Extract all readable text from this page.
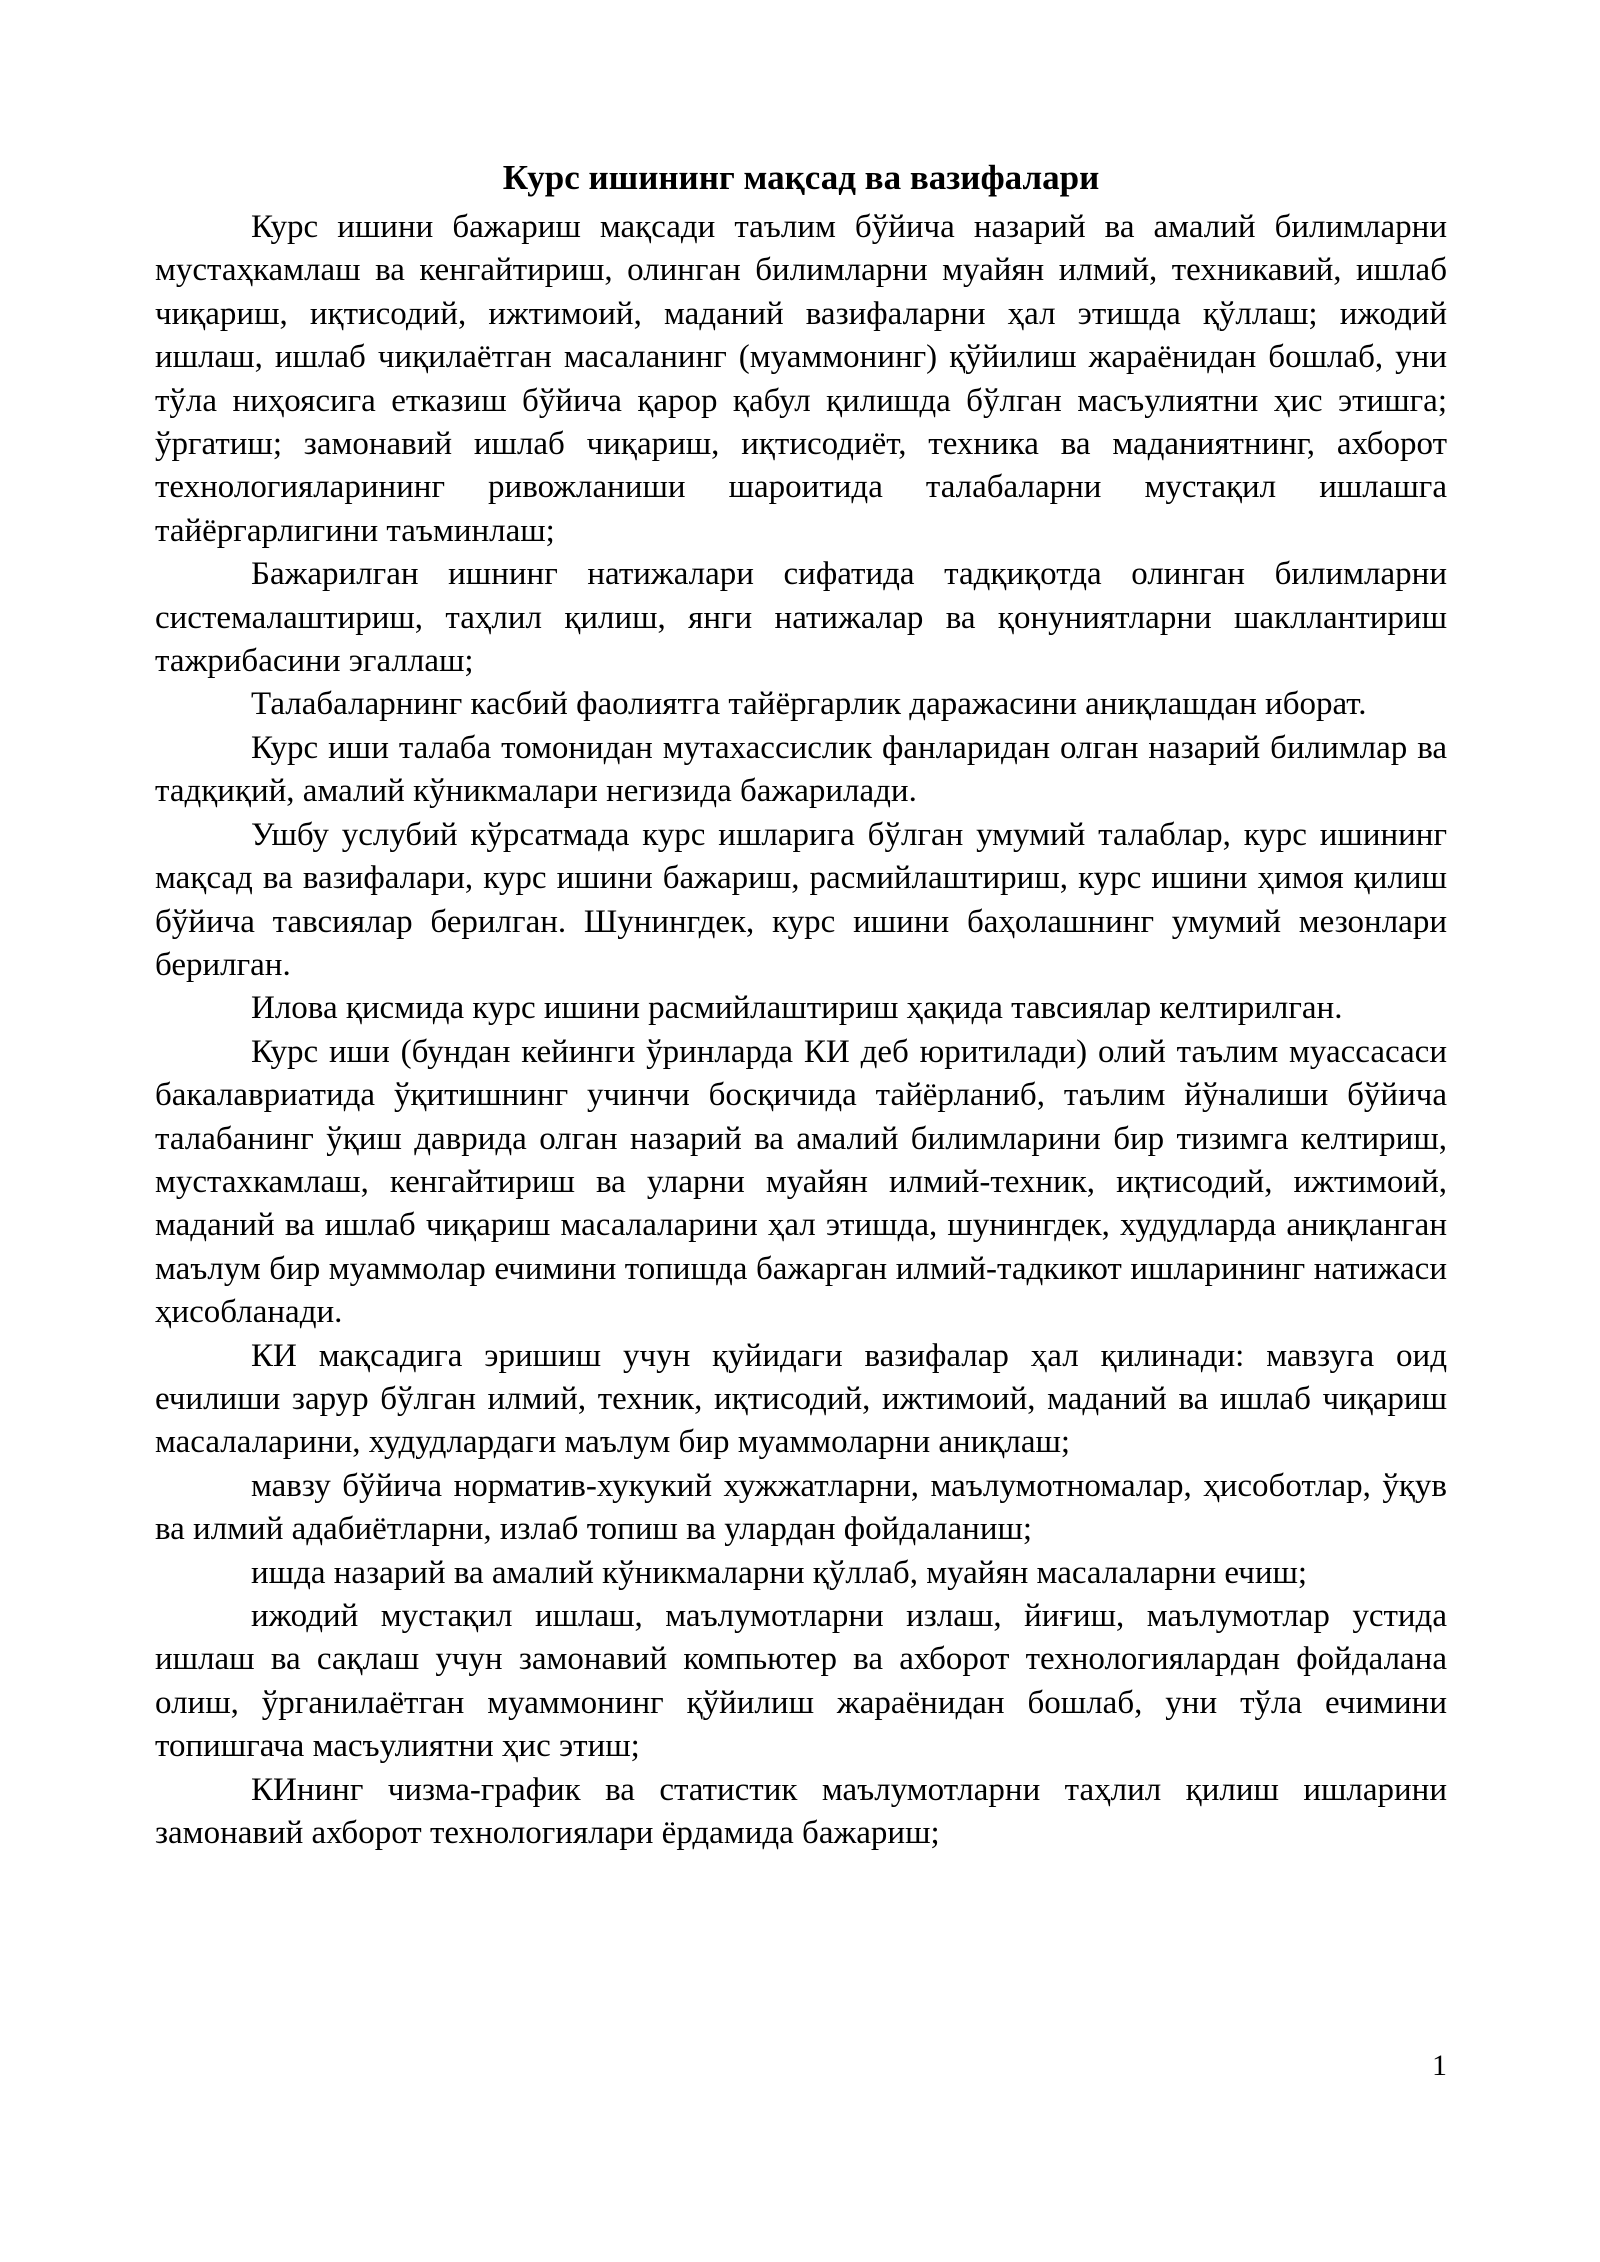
Курс ишининг мақсад ва вазифалари

Курс ишини бажариш мақсади таълим бўйича назарий ва амалий билимларни мустаҳкамлаш ва кенгайтириш, олинган билимларни муайян илмий, техникавий, ишлаб чиқариш, иқтисодий, ижтимоий, маданий вазифаларни ҳал этишда қўллаш; ижодий ишлаш, ишлаб чиқилаётган масаланинг (муаммонинг) қўйилиш жараёнидан бошлаб, уни тўла ниҳоясига етказиш бўйича қарор қабул қилишда бўлган масъулиятни ҳис этишга; ўргатиш; замонавий ишлаб чиқариш, иқтисодиёт, техника ва маданиятнинг, ахборот технологияларининг ривожланиши шароитида талабаларни мустақил ишлашга тайёргарлигини таъминлаш;

Бажарилган ишнинг натижалари сифатида тадқиқотда олинган билимларни системалаштириш, таҳлил қилиш, янги натижалар ва қонуниятларни шакллантириш тажрибасини эгаллаш;

Талабаларнинг касбий фаолиятга тайёргарлик даражасини аниқлашдан иборат.

Курс иши талаба томонидан мутахассислик фанларидан олган назарий билимлар ва тадқиқий, амалий кўникмалари негизида бажарилади.

Ушбу услубий кўрсатмада курс ишларига бўлган умумий талаблар, курс ишининг мақсад ва вазифалари, курс ишини бажариш, расмийлаштириш, курс ишини ҳимоя қилиш бўйича тавсиялар берилган. Шунингдек, курс ишини баҳолашнинг умумий мезонлари берилган.

Илова қисмида курс ишини расмийлаштириш ҳақида тавсиялар келтирилган.

Курс иши (бундан кейинги ўринларда КИ деб юритилади) олий таълим муассасаси бакалавриатида ўқитишнинг учинчи босқичида тайёрланиб, таълим йўналиши бўйича талабанинг ўқиш даврида олган назарий ва амалий билимларини бир тизимга келтириш, мустахкамлаш, кенгайтириш ва уларни муайян илмий-техник, иқтисодий, ижтимоий, маданий ва ишлаб чиқариш масалаларини ҳал этишда, шунингдек, худудларда аниқланган маълум бир муаммолар ечимини топишда бажарган илмий-тадкикот ишларининг натижаси ҳисобланади.

КИ мақсадига эришиш учун қуйидаги вазифалар ҳал қилинади: мавзуга оид ечилиши зарур бўлган илмий, техник, иқтисодий, ижтимоий, маданий ва ишлаб чиқариш масалаларини, худудлардаги маълум бир муаммоларни аниқлаш;

мавзу бўйича норматив-хукукий хужжатларни, маълумотномалар, ҳисоботлар, ўқув ва илмий адабиётларни, излаб топиш ва улардан фойдаланиш;

ишда назарий ва амалий кўникмаларни қўллаб, муайян масалаларни ечиш;

ижодий мустақил ишлаш, маълумотларни излаш, йиғиш, маълумотлар устида ишлаш ва сақлаш учун замонавий компьютер ва ахборот технологиялардан фойдалана олиш, ўрганилаётган муаммонинг қўйилиш жараёнидан бошлаб, уни тўла ечимини топишгача масъулиятни ҳис этиш;

КИнинг чизма-график ва статистик маълумотларни таҳлил қилиш ишларини замонавий ахборот технологиялари ёрдамида бажариш;

1
